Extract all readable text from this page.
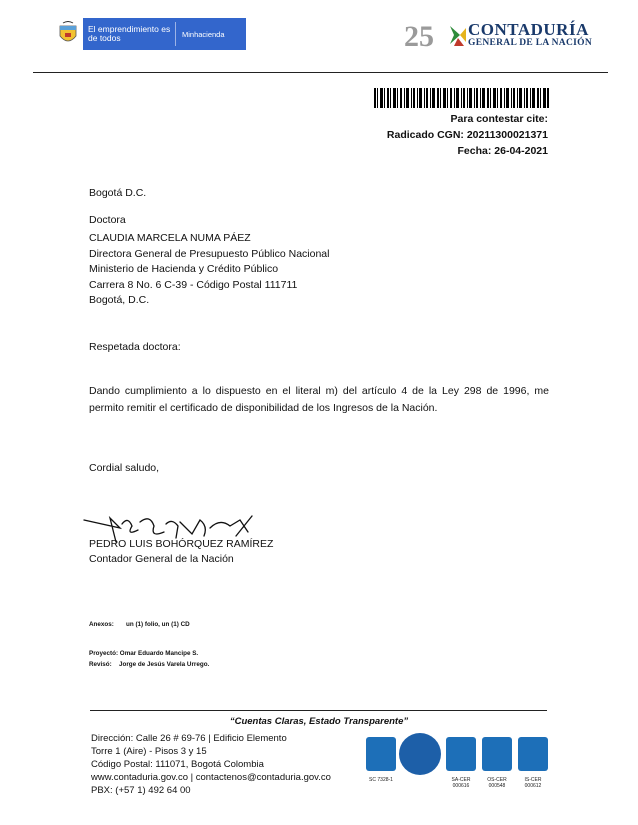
El emprendimiento es de todos	Minhacienda	25 CONTADURÍA
GENERAL DE LA NACIÓN
Para contestar cite:
Radicado CGN: 20211300021371
Fecha: 26-04-2021
Bogotá D.C.
Doctora
CLAUDIA MARCELA NUMA PÁEZ
Directora General de Presupuesto Público Nacional
Ministerio de Hacienda y Crédito Público
Carrera 8 No. 6 C-39 - Código Postal 111711
Bogotá, D.C.
Respetada doctora:
Dando cumplimiento a lo dispuesto en el literal m) del artículo 4 de la Ley 298 de 1996, me permito remitir el certificado de disponibilidad de los Ingresos de la Nación.
Cordial saludo,
PEDRO LUIS BOHÓRQUEZ RAMÍREZ
Contador General de la Nación
Anexos: un (1) folio, un (1) CD
Proyectó: Omar Eduardo Mancipe S.
Revisó: Jorge de Jesús Varela Urrego.
“Cuentas Claras, Estado Transparente”
Dirección: Calle 26 # 69-76 | Edificio Elemento
Torre 1 (Aire) - Pisos 3 y 15
Código Postal: 111071, Bogotá Colombia
www.contaduria.gov.co | contactenos@contaduria.gov.co
PBX: (+57 1) 492 64 00
SC 7328-1	SA-CER 000616
OS-CER 000548
IS-CER 000612
